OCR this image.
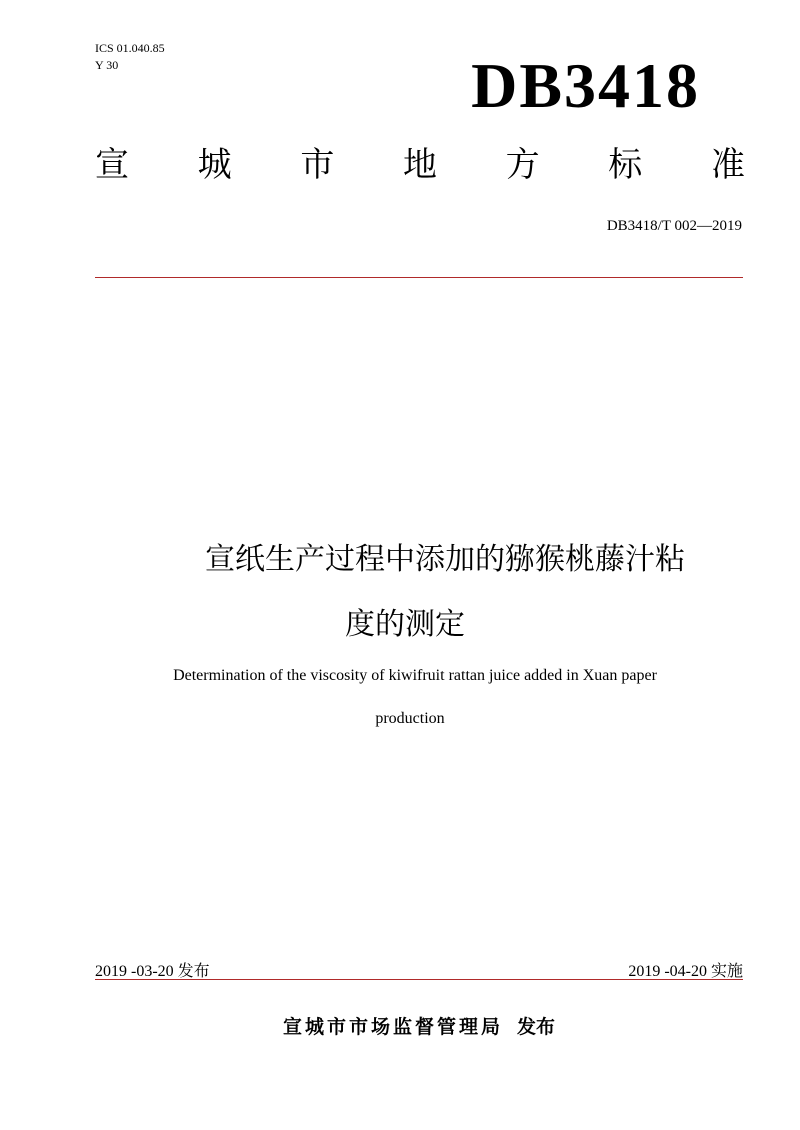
ICS 01.040.85
Y 30	DB3418
宣 城 市 地 方 标 准
DB3418/T 002—2019
宣纸生产过程中添加的猕猴桃藤汁粘
度的测定
Determination of the viscosity of kiwifruit rattan juice added in Xuan paper
production
2019 -03-20 发布	2019 -04-20 实施
宣城市市场监督管理局 发布
